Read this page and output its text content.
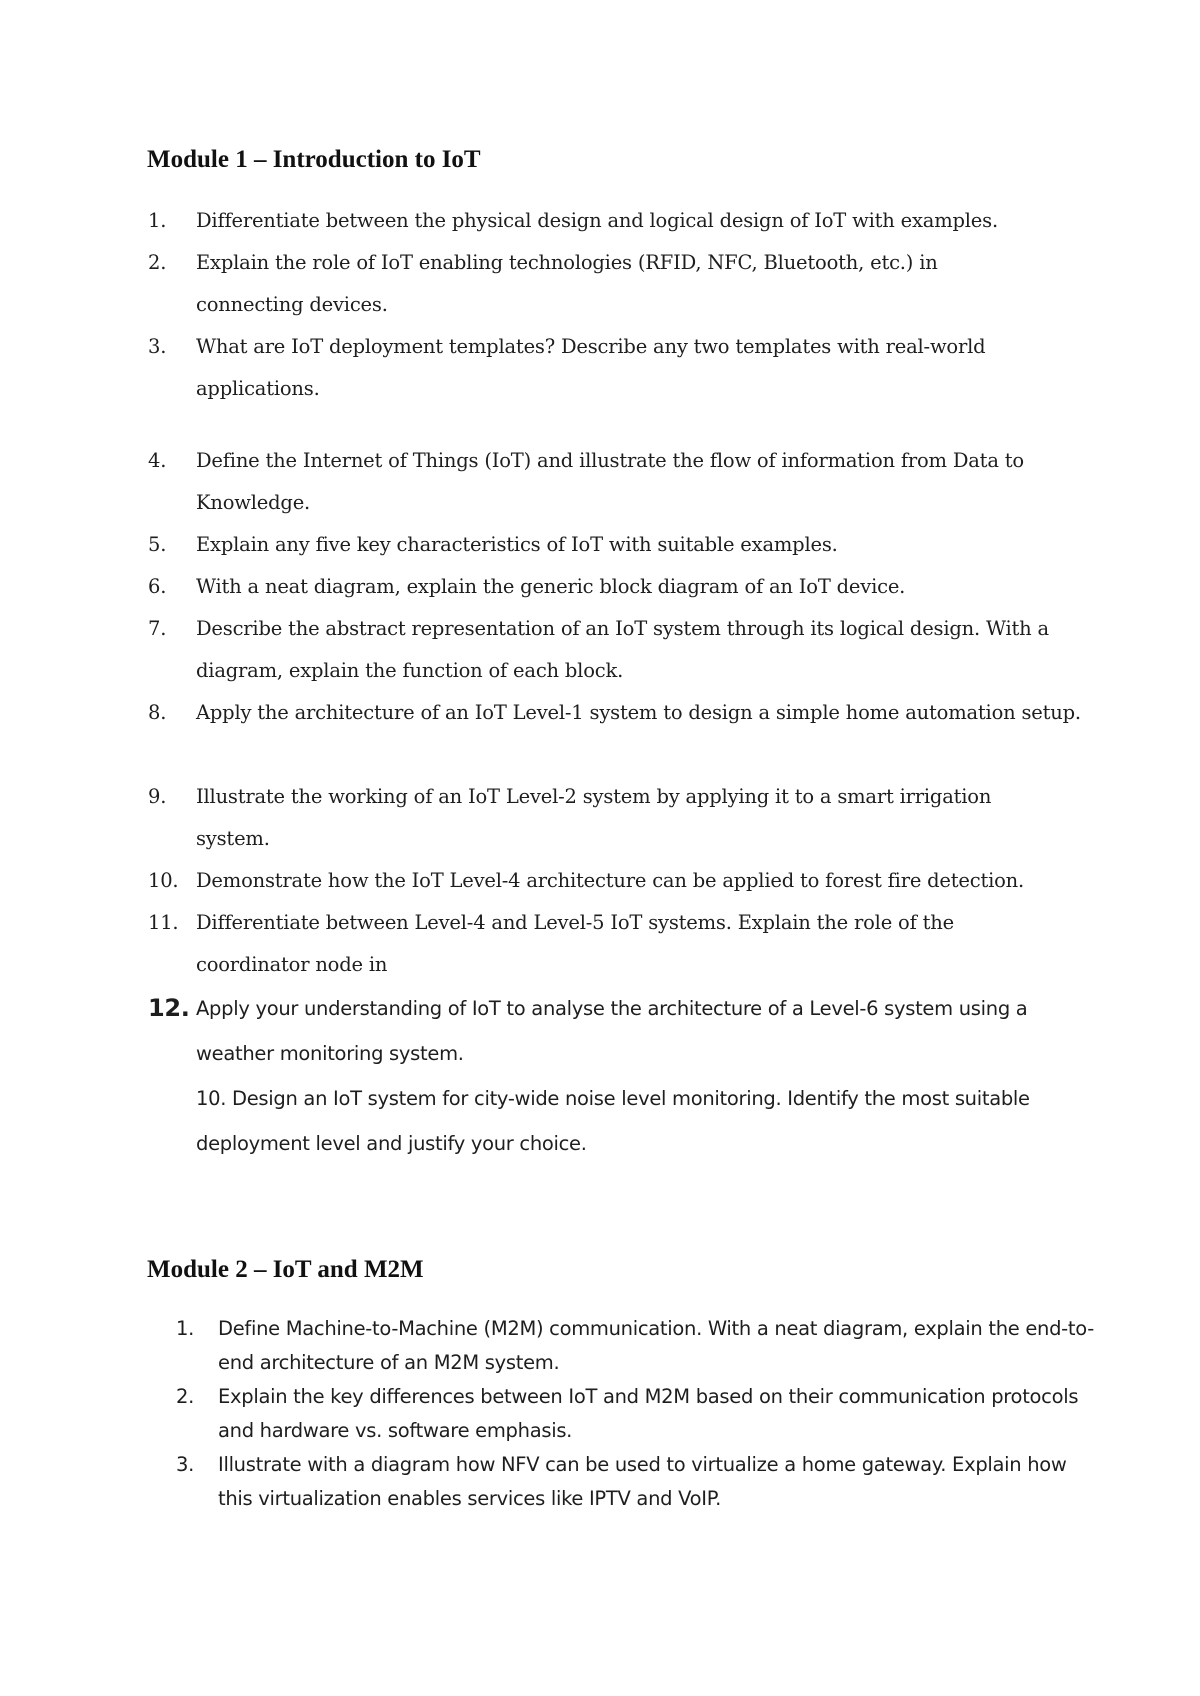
Module 1 – Introduction to IoT
1.	Differentiate between the physical design and logical design of IoT with examples.
2.	Explain the role of IoT enabling technologies (RFID, NFC, Bluetooth, etc.) in connecting devices.
3.	What are IoT deployment templates? Describe any two templates with real-world applications.
4.	Define the Internet of Things (IoT) and illustrate the flow of information from Data to Knowledge.
5.	Explain any five key characteristics of IoT with suitable examples.
6.	With a neat diagram, explain the generic block diagram of an IoT device.
7.	Describe the abstract representation of an IoT system through its logical design. With a diagram, explain the function of each block.
8.	Apply the architecture of an IoT Level-1 system to design a simple home automation setup.
9.	Illustrate the working of an IoT Level-2 system by applying it to a smart irrigation system.
10. Demonstrate how the IoT Level-4 architecture can be applied to forest fire detection.
11. Differentiate between Level-4 and Level-5 IoT systems. Explain the role of the coordinator node in
12. Apply your understanding of IoT to analyse the architecture of a Level-6 system using a weather monitoring system.
10. Design an IoT system for city-wide noise level monitoring. Identify the most suitable deployment level and justify your choice.
Module 2 – IoT and M2M
1.	Define Machine-to-Machine (M2M) communication. With a neat diagram, explain the end-to-end architecture of an M2M system.
2.	Explain the key differences between IoT and M2M based on their communication protocols and hardware vs. software emphasis.
3.	Illustrate with a diagram how NFV can be used to virtualize a home gateway. Explain how this virtualization enables services like IPTV and VoIP.
